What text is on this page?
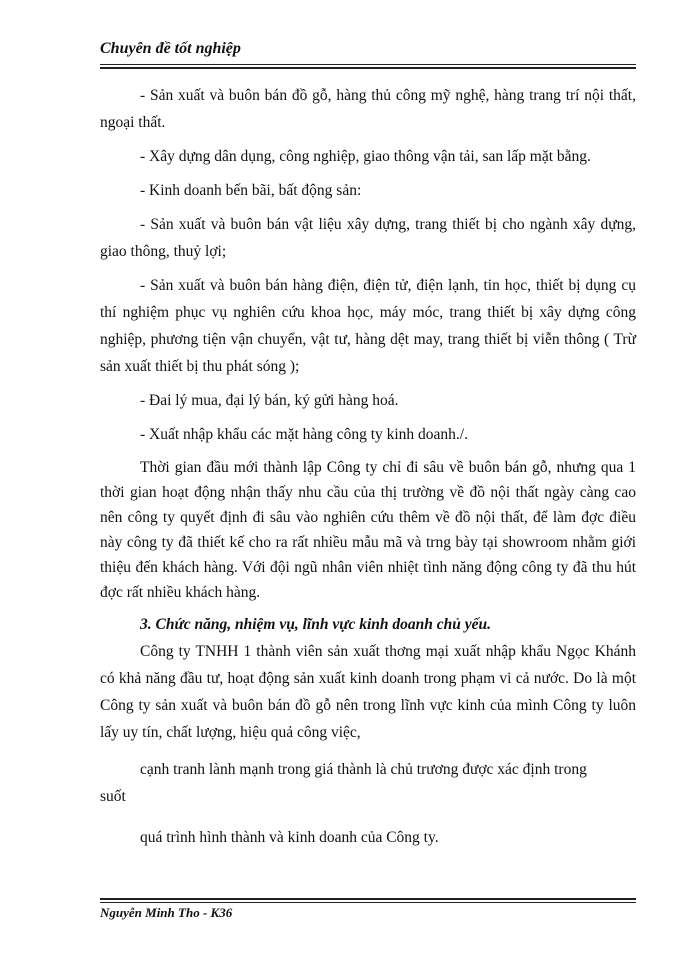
Chuyên đề tốt nghiệp

- Sản xuất và buôn bán đồ gỗ, hàng thủ công mỹ nghệ, hàng trang trí nội thất, ngoại thất.

- Xây dựng dân dụng, công nghiệp, giao thông vận tải, san lấp mặt bằng.

- Kinh doanh bến bãi, bất động sản:

- Sản xuất và buôn bán vật liệu xây dựng, trang thiết bị cho ngành xây dựng, giao thông, thuỷ lợi;

- Sản xuất và buôn bán hàng điện, điện tử, điện lạnh, tin học, thiết bị dụng cụ thí nghiệm phục vụ nghiên cứu khoa học, máy móc, trang thiết bị xây dựng công nghiệp, phương tiện vận chuyển, vật tư, hàng dệt may, trang thiết bị viễn thông ( Trừ sản xuất thiết bị thu phát sóng );

- Đai lý mua, đại lý bán, ký gửi hàng hoá.

- Xuất nhập khẩu các mặt hàng công ty kinh doanh./.

Thời gian đầu mới thành lập Công ty chỉ đi sâu về buôn bán gỗ, nhưng qua 1 thời gian hoạt động nhận thấy nhu cầu của thị trường về đồ nội thất ngày càng cao nên công ty quyết định đi sâu vào nghiên cứu thêm về đồ nội thất, để làm đợc điều này công ty đã thiết kế cho ra rất nhiều mẫu mã và trng bày tại showroom nhằm giới thiệu đến khách hàng. Với đội ngũ nhân viên nhiệt tình năng động công ty đã thu hút đợc rất nhiều khách hàng.

3. Chức năng, nhiệm vụ, lĩnh vực kinh doanh chủ yếu.

Công ty TNHH 1 thành viên sản xuất thơng mại xuất nhập khẩu Ngọc Khánh có khả năng đầu tư, hoạt động sản xuất kinh doanh trong phạm vi cả nước. Do là một Công ty sản xuất và buôn bán đồ gỗ nên trong lĩnh vực kinh của mình Công ty luôn lấy uy tín, chất lượng, hiệu quả công việc,

cạnh tranh lành mạnh trong giá thành là chủ trương được xác định trong

suốt

quá trình hình thành và kinh doanh của Công ty.

Nguyễn Minh Tho - K36
